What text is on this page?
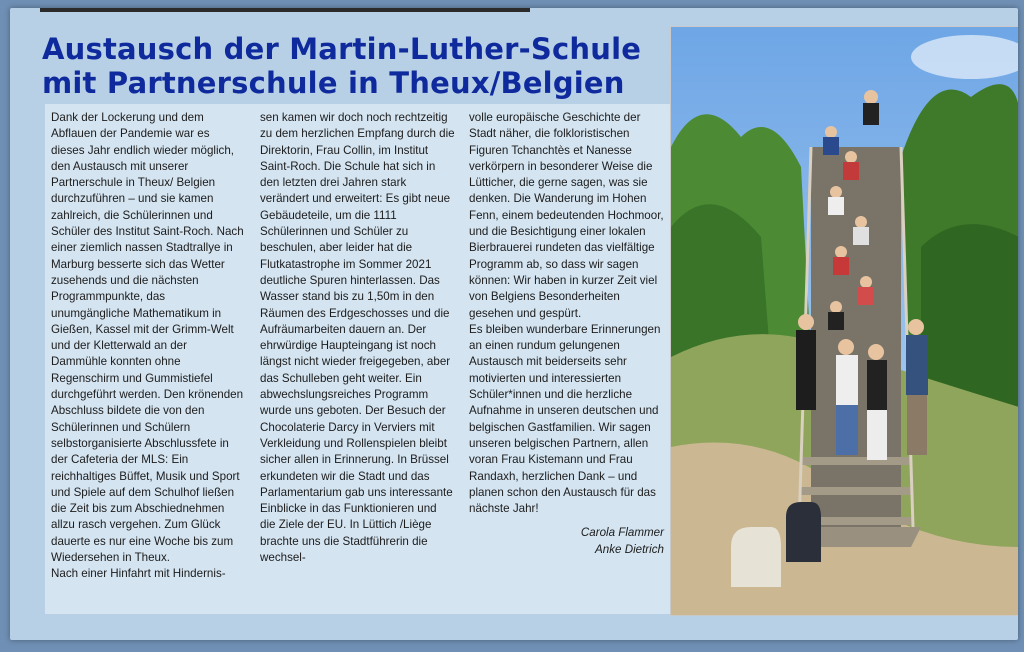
Austausch der Martin-Luther-Schule
mit Partnerschule in Theux/Belgien

Dank der Lockerung und dem Abflauen der Pandemie war es dieses Jahr endlich wieder möglich, den Austausch mit unserer Partnerschule in Theux/ Belgien durchzuführen – und sie kamen zahlreich, die Schülerinnen und Schüler des Institut Saint-Roch. Nach einer ziemlich nassen Stadtrallye in Marburg besserte sich das Wetter zusehends und die nächsten Programmpunkte, das unumgängliche Mathematikum in Gießen, Kassel mit der Grimm-Welt und der Kletterwald an der Dammühle konnten ohne Regenschirm und Gummistiefel durchgeführt werden. Den krönenden Abschluss bildete die von den Schülerinnen und Schülern selbstorganisierte Abschlussfete in der Cafeteria der MLS: Ein reichhaltiges Büffet, Musik und Sport und Spiele auf dem Schulhof ließen die Zeit bis zum Abschiednehmen allzu rasch vergehen. Zum Glück dauerte es nur eine Woche bis zum Wiedersehen in Theux.

Nach einer Hinfahrt mit Hindernis-

sen kamen wir doch noch rechtzeitig zu dem herzlichen Empfang durch die Direktorin, Frau Collin, im Institut Saint-Roch. Die Schule hat sich in den letzten drei Jahren stark verändert und erweitert: Es gibt neue Gebäudeteile, um die 1111 Schülerinnen und Schüler zu beschulen, aber leider hat die Flutkatastrophe im Sommer 2021 deutliche Spuren hinterlassen. Das Wasser stand bis zu 1,50m in den Räumen des Erdgeschosses und die Aufräumarbeiten dauern an. Der ehrwürdige Haupteingang ist noch längst nicht wieder freigegeben, aber das Schulleben geht weiter. Ein abwechslungsreiches Programm wurde uns geboten. Der Besuch der Chocolaterie Darcy in Verviers mit Verkleidung und Rollenspielen bleibt sicher allen in Erinnerung. In Brüssel erkundeten wir die Stadt und das Parlamentarium gab uns interessante Einblicke in das Funktionieren und die Ziele der EU. In Lüttich /Liège brachte uns die Stadtführerin die wechsel-

volle europäische Geschichte der Stadt näher, die folkloristischen Figuren Tchanchtès et Nanesse verkörpern in besonderer Weise die Lütticher, die gerne sagen, was sie denken. Die Wanderung im Hohen Fenn, einem bedeutenden Hochmoor, und die Besichtigung einer lokalen Bierbrauerei rundeten das vielfältige Programm ab, so dass wir sagen können: Wir haben in kurzer Zeit viel von Belgiens Besonderheiten gesehen und gespürt.

Es bleiben wunderbare Erinnerungen an einen rundum gelungenen Austausch mit beiderseits sehr motivierten und interessierten Schüler*innen und die herzliche Aufnahme in unseren deutschen und belgischen Gastfamilien. Wir sagen unseren belgischen Partnern, allen voran Frau Kistemann und Frau Randaxh, herzlichen Dank – und planen schon den Austausch für das nächste Jahr!

Carola Flammer
Anke Dietrich
